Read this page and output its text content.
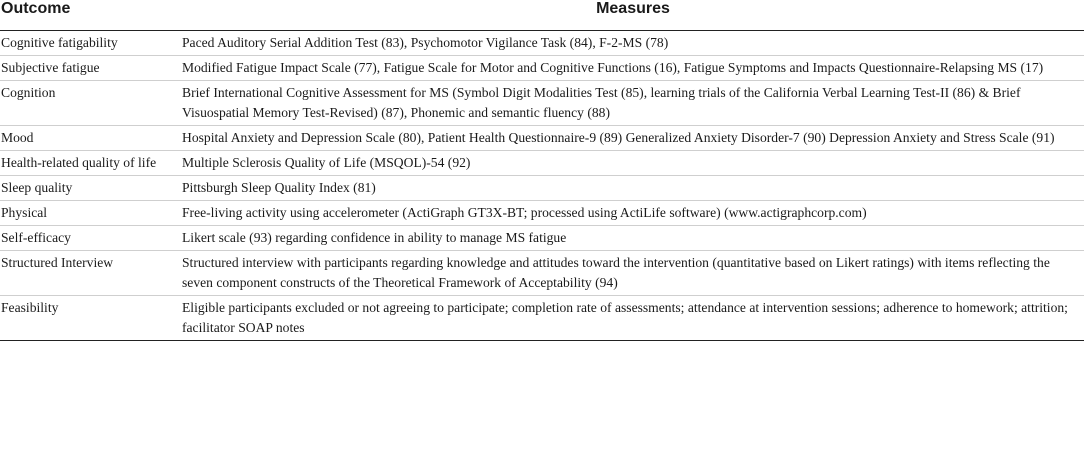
Outcome	Measures
Cognitive fatigability	Paced Auditory Serial Addition Test (83), Psychomotor Vigilance Task (84), F-2-MS (78)
Subjective fatigue	Modified Fatigue Impact Scale (77), Fatigue Scale for Motor and Cognitive Functions (16), Fatigue Symptoms and Impacts Questionnaire-Relapsing MS (17)
Cognition	Brief International Cognitive Assessment for MS (Symbol Digit Modalities Test (85), learning trials of the California Verbal Learning Test-II (86) & Brief Visuospatial Memory Test-Revised) (87), Phonemic and semantic fluency (88)
Mood	Hospital Anxiety and Depression Scale (80), Patient Health Questionnaire-9 (89) Generalized Anxiety Disorder-7 (90) Depression Anxiety and Stress Scale (91)
Health-related quality of life	Multiple Sclerosis Quality of Life (MSQOL)-54 (92)
Sleep quality	Pittsburgh Sleep Quality Index (81)
Physical	Free-living activity using accelerometer (ActiGraph GT3X-BT; processed using ActiLife software) (www.actigraphcorp.com)
Self-efficacy	Likert scale (93) regarding confidence in ability to manage MS fatigue
Structured Interview	Structured interview with participants regarding knowledge and attitudes toward the intervention (quantitative based on Likert ratings) with items reflecting the seven component constructs of the Theoretical Framework of Acceptability (94)
Feasibility	Eligible participants excluded or not agreeing to participate; completion rate of assessments; attendance at intervention sessions; adherence to homework; attrition; facilitator SOAP notes
